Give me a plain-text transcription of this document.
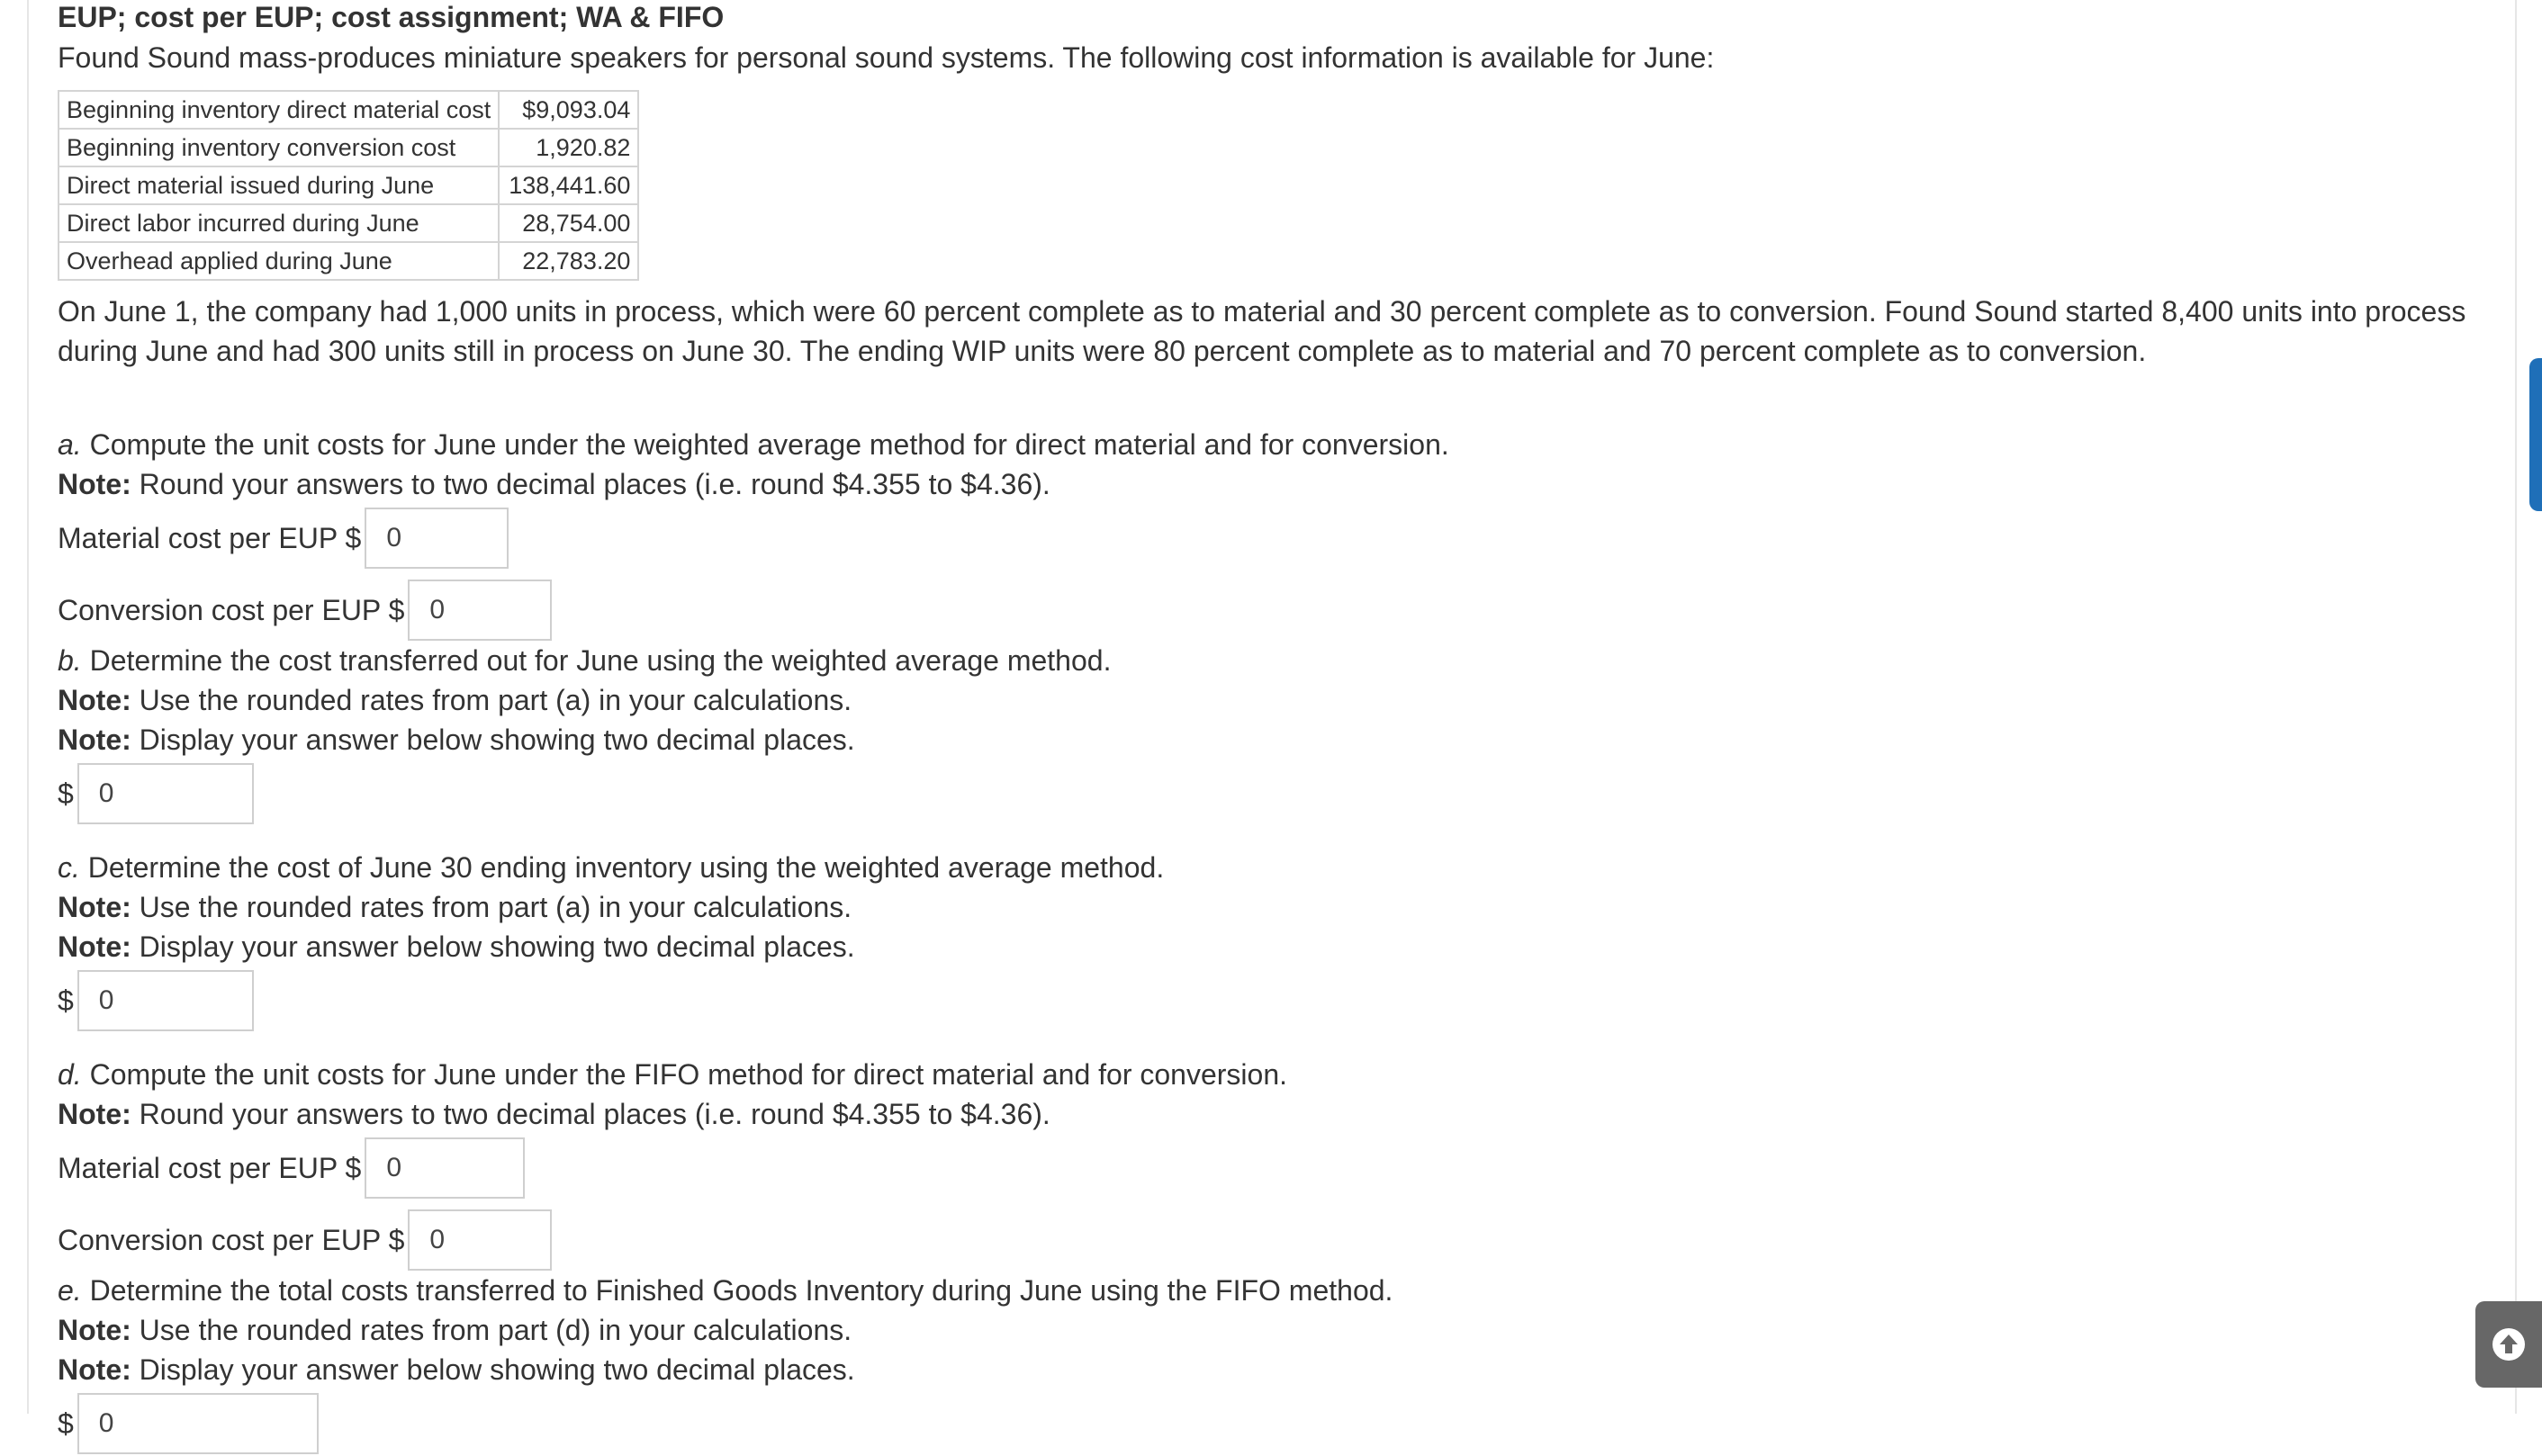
EUP; cost per EUP; cost assignment; WA & FIFO
Found Sound mass-produces miniature speakers for personal sound systems. The following cost information is available for June:
Beginning inventory direct material cost	$9,093.04
Beginning inventory conversion cost	1,920.82
Direct material issued during June	138,441.60
Direct labor incurred during June	28,754.00
Overhead applied during June	22,783.20
On June 1, the company had 1,000 units in process, which were 60 percent complete as to material and 30 percent complete as to conversion. Found Sound started 8,400 units into process during June and had 300 units still in process on June 30. The ending WIP units were 80 percent complete as to material and 70 percent complete as to conversion.
a. Compute the unit costs for June under the weighted average method for direct material and for conversion.
Note: Round your answers to two decimal places (i.e. round $4.355 to $4.36).
Material cost per EUP $ 0
Conversion cost per EUP $ 0
b. Determine the cost transferred out for June using the weighted average method.
Note: Use the rounded rates from part (a) in your calculations.
Note: Display your answer below showing two decimal places.
$ 0
c. Determine the cost of June 30 ending inventory using the weighted average method.
Note: Use the rounded rates from part (a) in your calculations.
Note: Display your answer below showing two decimal places.
$ 0
d. Compute the unit costs for June under the FIFO method for direct material and for conversion.
Note: Round your answers to two decimal places (i.e. round $4.355 to $4.36).
Material cost per EUP $ 0
Conversion cost per EUP $ 0
e. Determine the total costs transferred to Finished Goods Inventory during June using the FIFO method.
Note: Use the rounded rates from part (d) in your calculations.
Note: Display your answer below showing two decimal places.
$ 0
